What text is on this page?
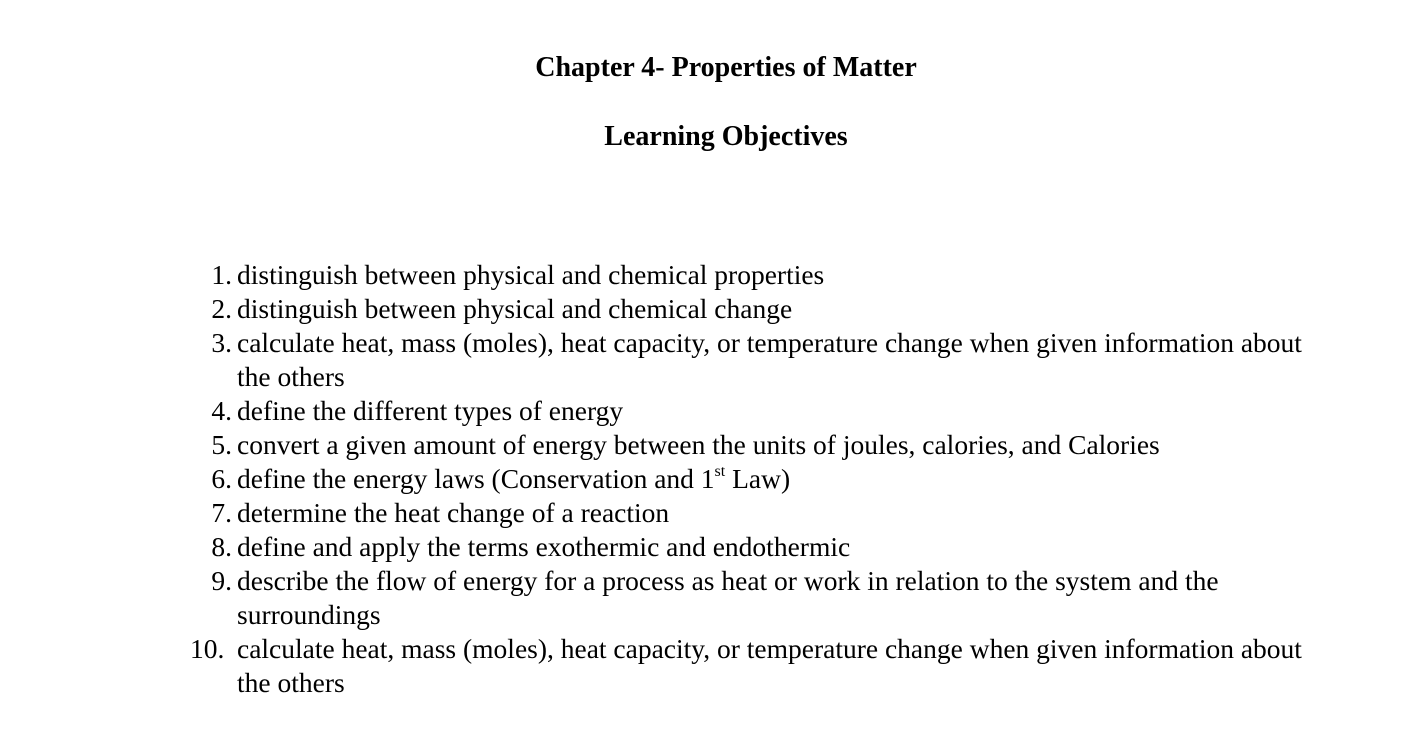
Chapter 4- Properties of Matter
Learning Objectives
1. distinguish between physical and chemical properties
2. distinguish between physical and chemical change
3. calculate heat, mass (moles), heat capacity, or temperature change when given information about the others
4. define the different types of energy
5. convert a given amount of energy between the units of joules, calories, and Calories
6. define the energy laws (Conservation and 1st Law)
7. determine the heat change of a reaction
8. define and apply the terms exothermic and endothermic
9. describe the flow of energy for a process as heat or work in relation to the system and the surroundings
10. calculate heat, mass (moles), heat capacity, or temperature change when given information about the others
